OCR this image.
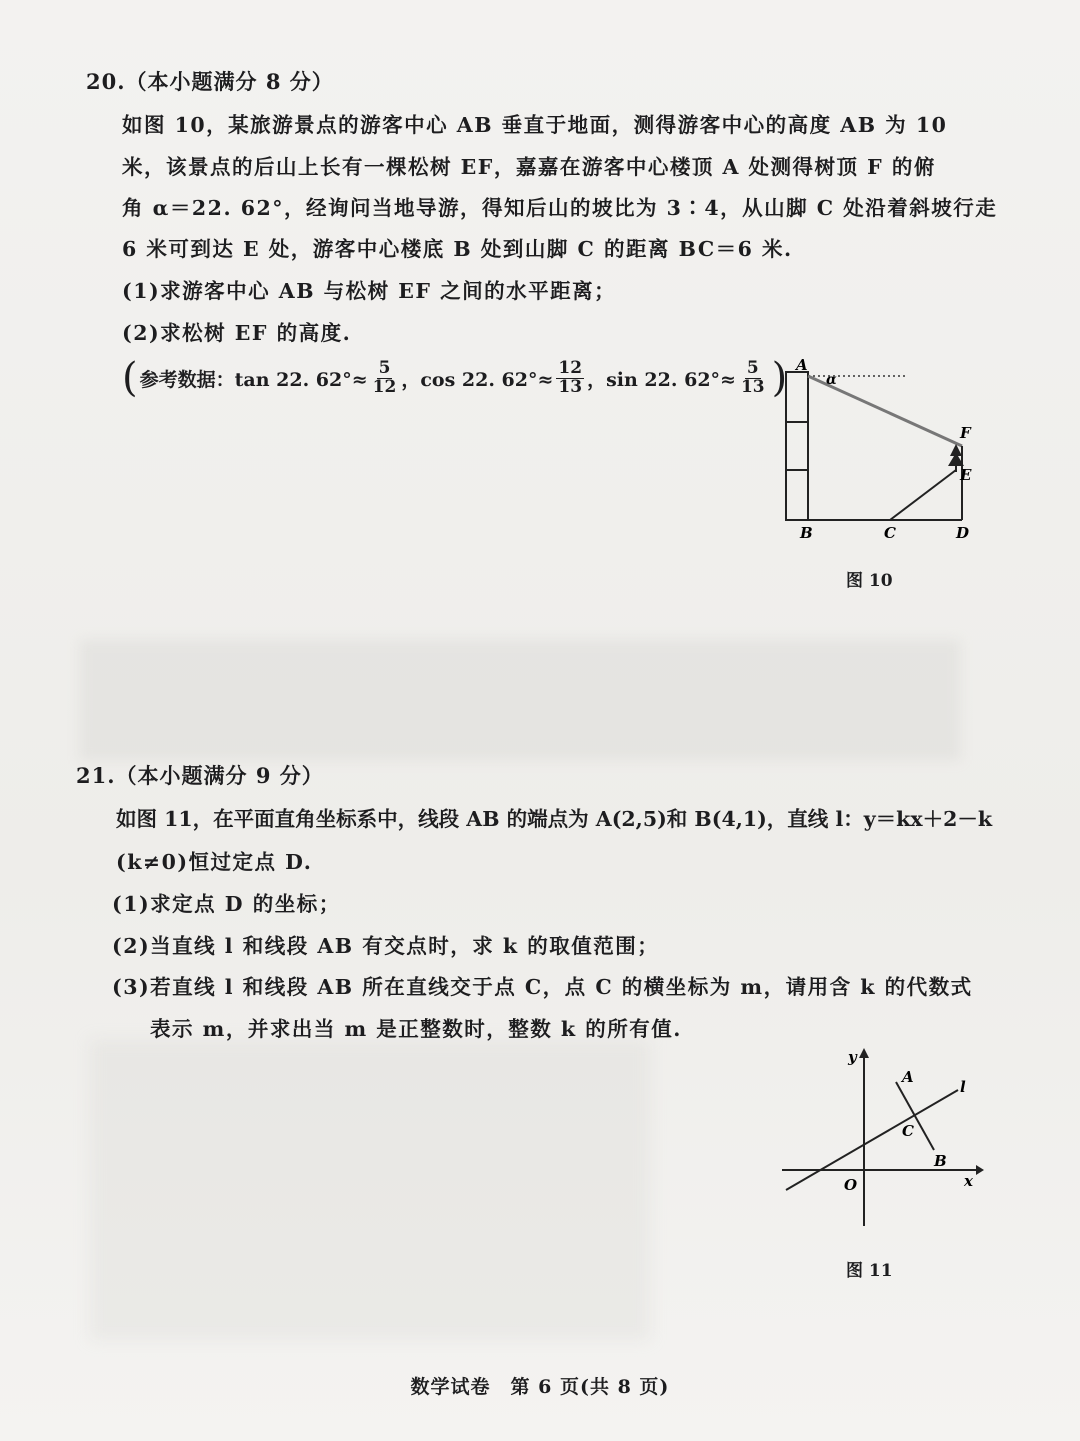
20.（本小题满分 8 分）
如图 10，某旅游景点的游客中心 AB 垂直于地面，测得游客中心的高度 AB 为 10
米，该景点的后山上长有一棵松树 EF，嘉嘉在游客中心楼顶 A 处测得树顶 F 的俯
角 α＝22. 62°，经询问当地导游，得知后山的坡比为 3∶4，从山脚 C 处沿着斜坡行走
6 米可到达 E 处，游客中心楼底 B 处到山脚 C 的距离 BC＝6 米.
(1)求游客中心 AB 与松树 EF 之间的水平距离；
(2)求松树 EF 的高度.
( 参考数据：tan 22. $62^\circ\approx \frac{5}{12}$ ，cos 22. $62^\circ\approx \frac{12}{13}$ ，sin 22. $62^\circ\approx \frac{5}{13}$ ) A
α
F
E
B	C	D
图 10
21.（本小题满分 9 分）
如图 11，在平面直角坐标系中，线段 AB 的端点为 A(2,5)和 B(4,1)，直线 l：y＝kx＋2－k
(k≠0)恒过定点 D.
(1)求定点 D 的坐标；
(2)当直线 l 和线段 AB 有交点时，求 k 的取值范围；
(3)若直线 l 和线段 AB 所在直线交于点 C，点 C 的横坐标为 m，请用含 k 的代数式
表示 m，并求出当 m 是正整数时，整数 k 的所有值.
y
x
O
A
B
C
l
图 11
数学试卷　第 6 页(共 8 页)
